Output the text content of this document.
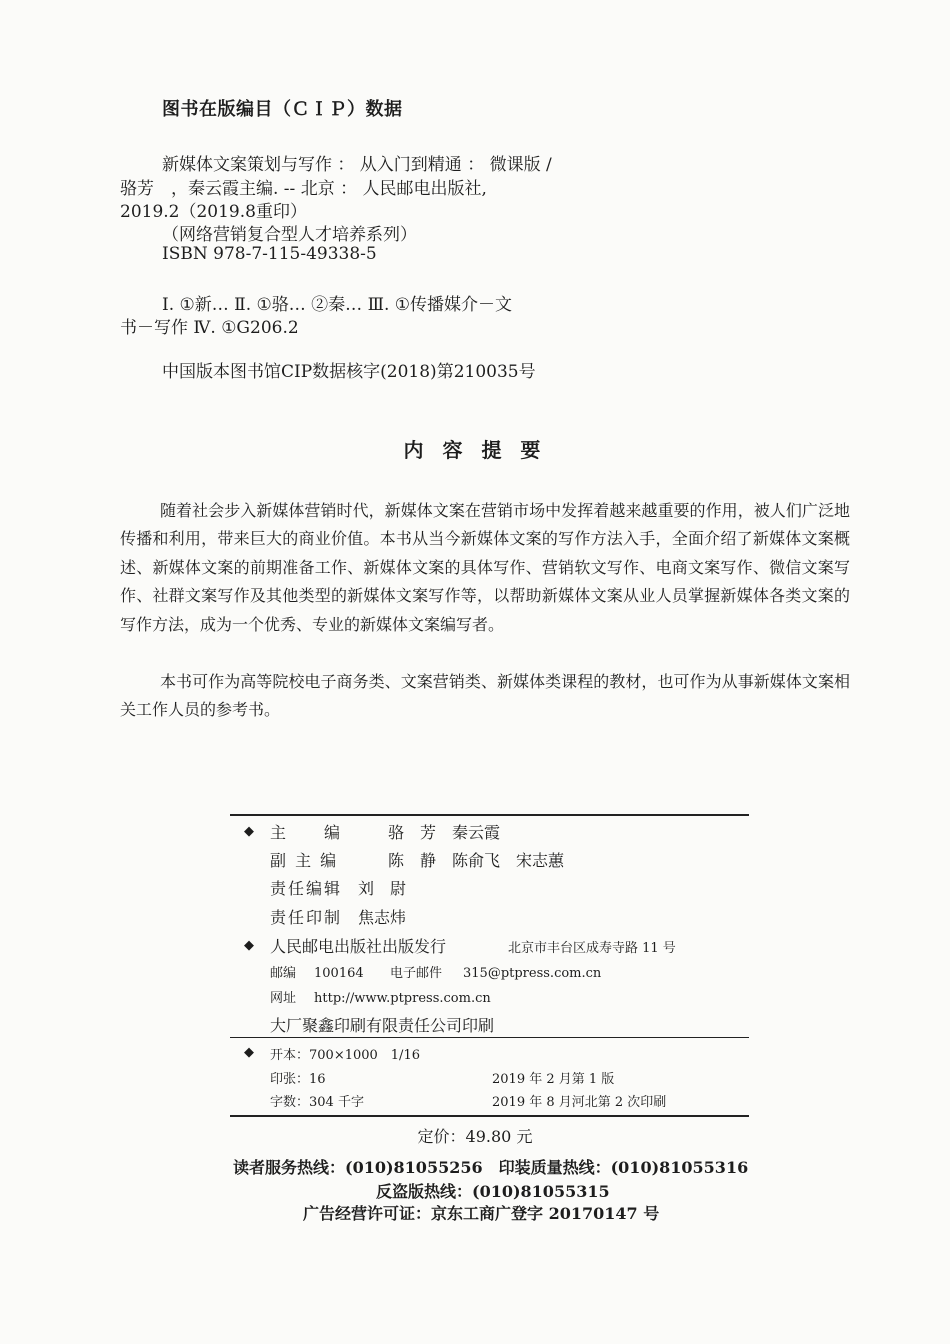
图书在版编目（ＣＩＰ）数据
新媒体文案策划与写作 ： 从入门到精通 ： 微课版 /
骆芳　，秦云霞主编. -- 北京 ： 人民邮电出版社,
2019.2（2019.8重印）
（网络营销复合型人才培养系列）
ISBN 978-7-115-49338-5
Ⅰ. ①新… Ⅱ. ①骆… ②秦… Ⅲ. ①传播媒介－文
书－写作 Ⅳ. ①G206.2
中国版本图书馆CIP数据核字(2018)第210035号
内 容 提 要
随着社会步入新媒体营销时代，新媒体文案在营销市场中发挥着越来越重要的作用，被人们广泛地传播和利用，带来巨大的商业价值。本书从当今新媒体文案的写作方法入手，全面介绍了新媒体文案概述、新媒体文案的前期准备工作、新媒体文案的具体写作、营销软文写作、电商文案写作、微信文案写作、社群文案写作及其他类型的新媒体文案写作等，以帮助新媒体文案从业人员掌握新媒体各类文案的写作方法，成为一个优秀、专业的新媒体文案编写者。
本书可作为高等院校电子商务类、文案营销类、新媒体类课程的教材，也可作为从事新媒体文案相关工作人员的参考书。
◆ 主　　编	骆　芳　秦云霞
副 主 编	陈　静　陈俞飞　宋志蕙
责任编辑 刘　尉
责任印制 焦志炜
◆ 人民邮电出版社出版发行	北京市丰台区成寿寺路 11 号
邮编 100164 电子邮件 315@ptpress.com.cn
网址 http://www.ptpress.com.cn
大厂聚鑫印刷有限责任公司印刷
◆ 开本：700×1000　1/16
印张：16	2019 年 2 月第 1 版
字数：304 千字	2019 年 8 月河北第 2 次印刷
定价：49.80 元
读者服务热线：(010)81055256　印装质量热线：(010)81055316
反盗版热线：(010)81055315
广告经营许可证：京东工商广登字 20170147 号
